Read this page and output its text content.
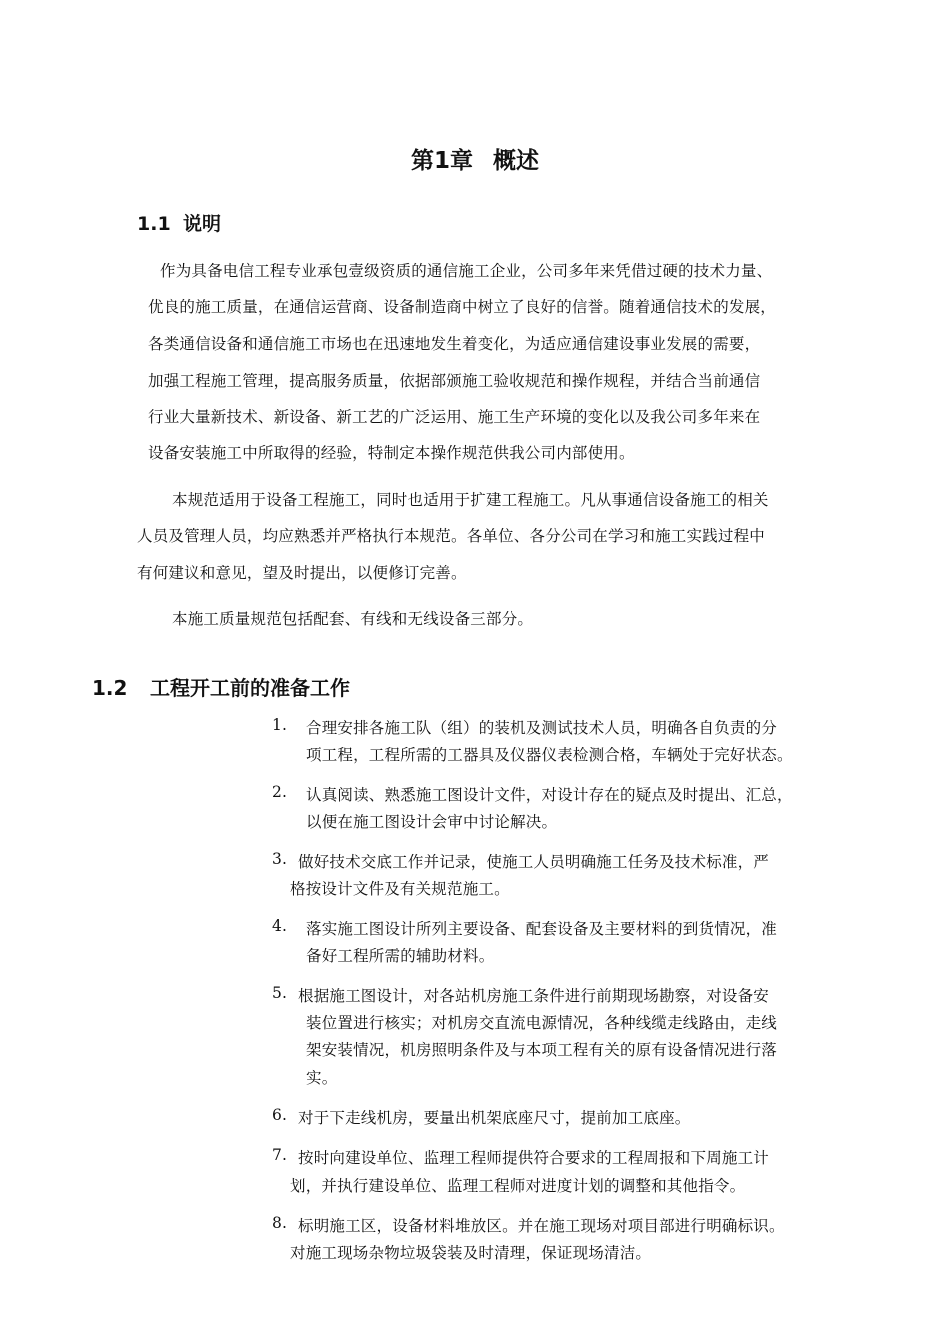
第1章 概述
1.1 说明
作为具备电信工程专业承包壹级资质的通信施工企业，公司多年来凭借过硬的技术力量、
优良的施工质量，在通信运营商、设备制造商中树立了良好的信誉。随着通信技术的发展，
各类通信设备和通信施工市场也在迅速地发生着变化，为适应通信建设事业发展的需要，
加强工程施工管理，提高服务质量，依据部颁施工验收规范和操作规程，并结合当前通信
行业大量新技术、新设备、新工艺的广泛运用、施工生产环境的变化以及我公司多年来在
设备安装施工中所取得的经验，特制定本操作规范供我公司内部使用。
本规范适用于设备工程施工，同时也适用于扩建工程施工。凡从事通信设备施工的相关
人员及管理人员，均应熟悉并严格执行本规范。各单位、各分公司在学习和施工实践过程中
有何建议和意见，望及时提出，以便修订完善。
本施工质量规范包括配套、有线和无线设备三部分。
1.2 工程开工前的准备工作
1. 合理安排各施工队（组）的装机及测试技术人员，明确各自负责的分
项工程，工程所需的工器具及仪器仪表检测合格，车辆处于完好状态。
2. 认真阅读、熟悉施工图设计文件，对设计存在的疑点及时提出、汇总，
以便在施工图设计会审中讨论解决。
3. 做好技术交底工作并记录，使施工人员明确施工任务及技术标准，严
格按设计文件及有关规范施工。
4. 落实施工图设计所列主要设备、配套设备及主要材料的到货情况，准
备好工程所需的辅助材料。
5. 根据施工图设计，对各站机房施工条件进行前期现场勘察，对设备安
装位置进行核实；对机房交直流电源情况，各种线缆走线路由，走线
架安装情况，机房照明条件及与本项工程有关的原有设备情况进行落
实。
6. 对于下走线机房，要量出机架底座尺寸，提前加工底座。
7. 按时向建设单位、监理工程师提供符合要求的工程周报和下周施工计
划，并执行建设单位、监理工程师对进度计划的调整和其他指令。
8. 标明施工区，设备材料堆放区。并在施工现场对项目部进行明确标识。
对施工现场杂物垃圾袋装及时清理，保证现场清洁。
